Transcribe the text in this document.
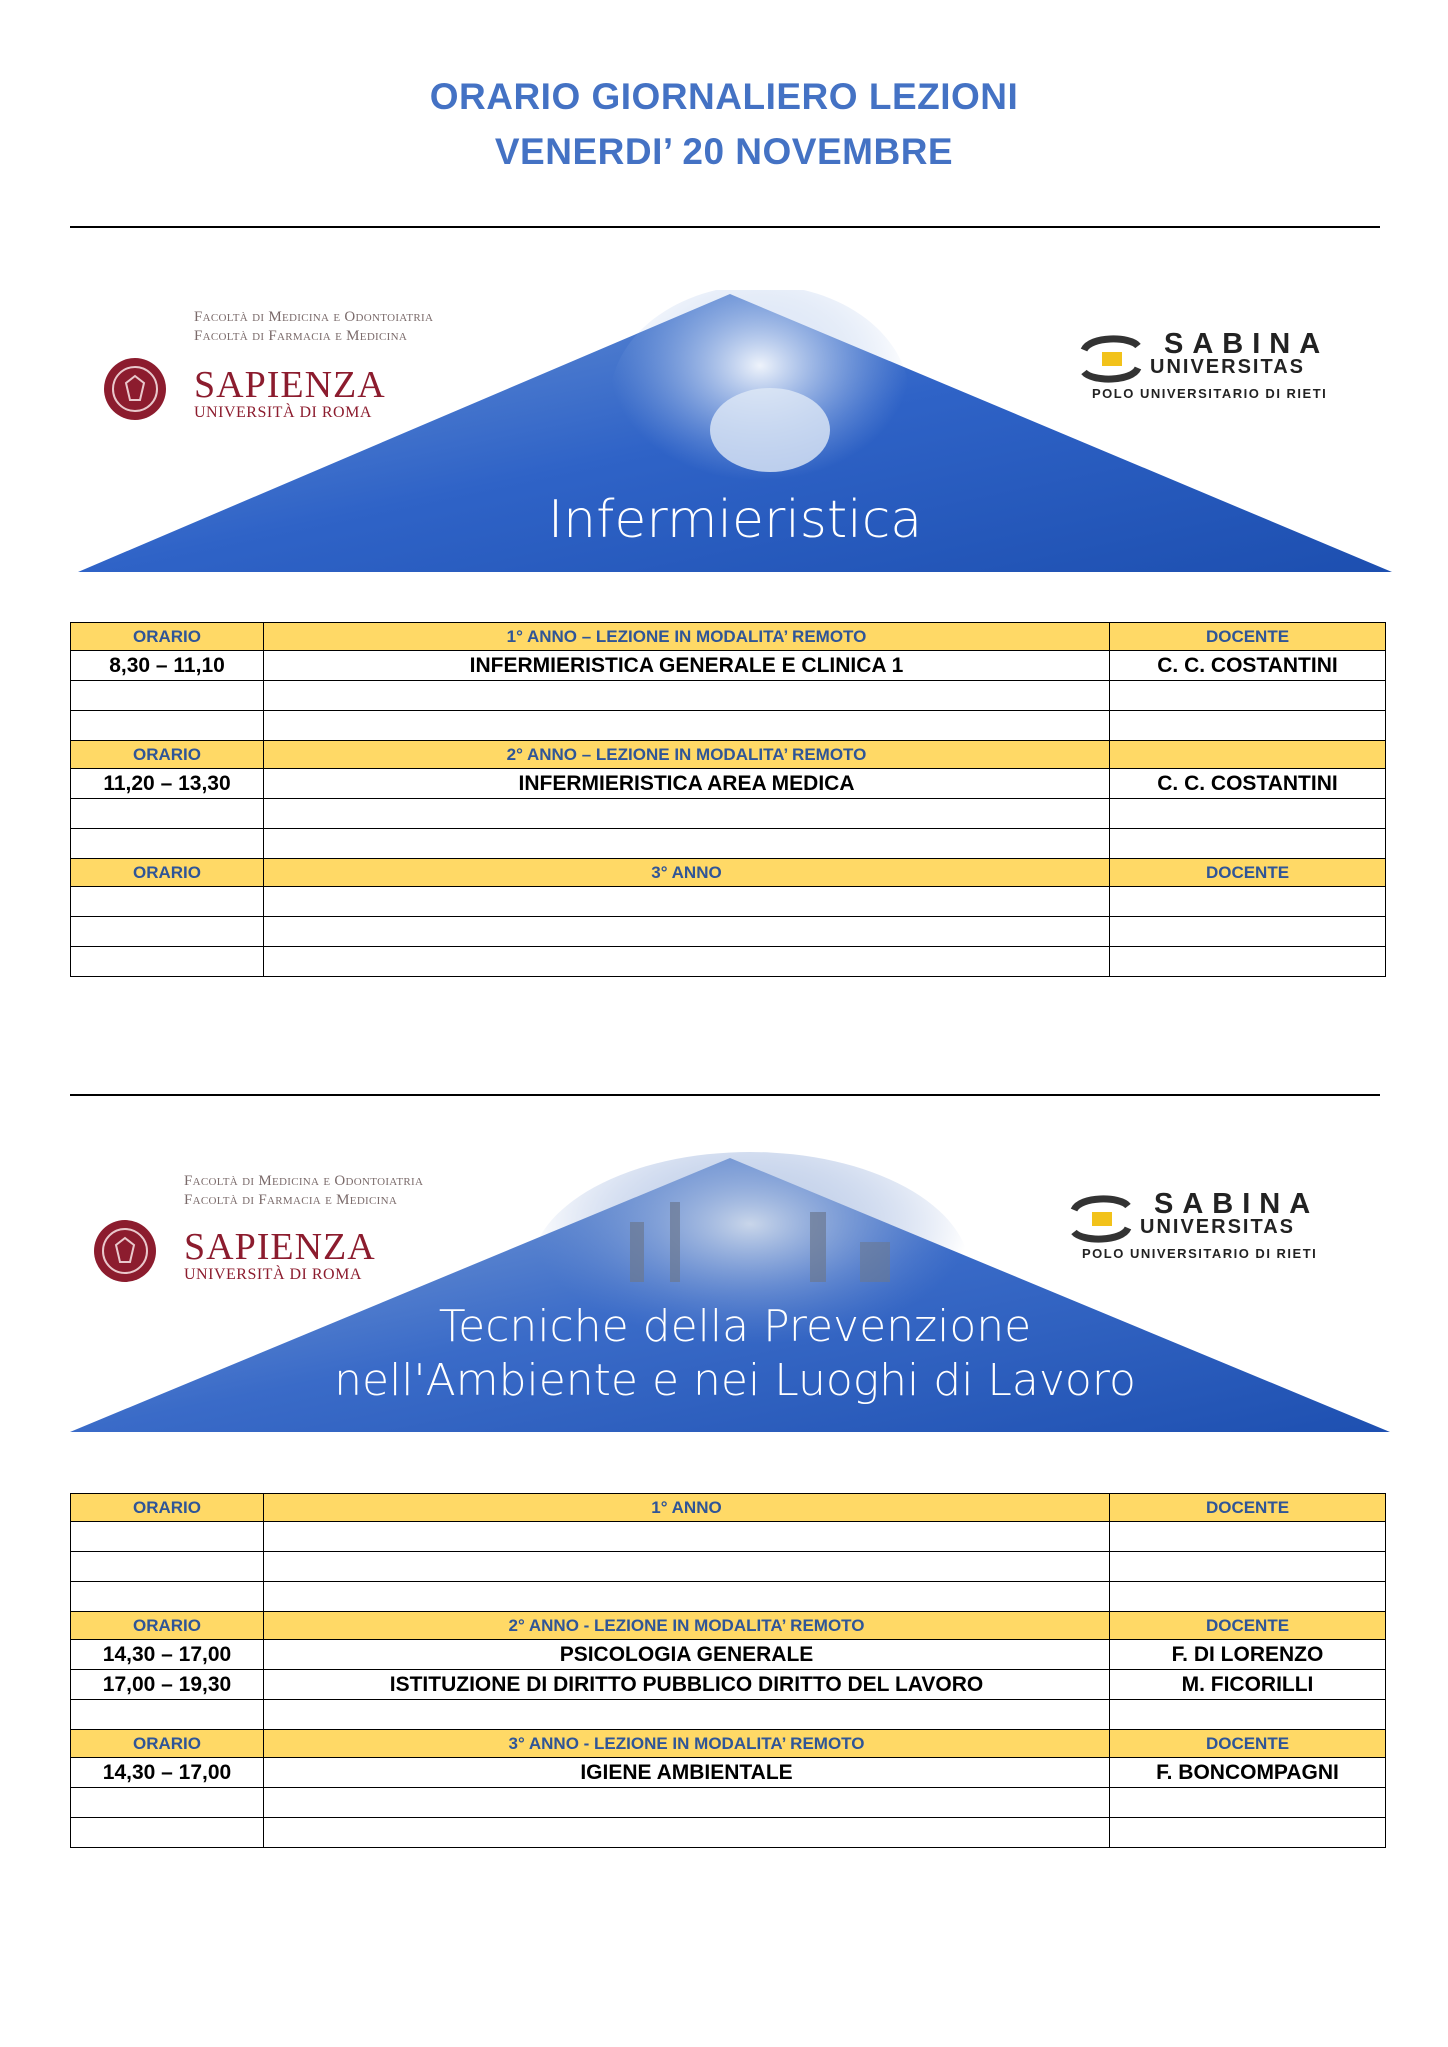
ORARIO GIORNALIERO LEZIONI
VENERDI’ 20 NOVEMBRE
Infermieristica
Facoltà di Medicina e Odontoiatria
Facoltà di Farmacia e Medicina
SAPIENZA
UNIVERSITÀ DI ROMA
SABINA
UNIVERSITAS
POLO UNIVERSITARIO DI RIETI
ORARIO	1° ANNO – LEZIONE IN MODALITA’ REMOTO	DOCENTE
8,30 – 11,10	INFERMIERISTICA GENERALE E CLINICA 1	C. C. COSTANTINI

ORARIO	2° ANNO – LEZIONE IN MODALITA’ REMOTO	
11,20 – 13,30	INFERMIERISTICA AREA MEDICA	C. C. COSTANTINI

ORARIO	3° ANNO	DOCENTE

Tecniche della Prevenzione
nell'Ambiente e nei Luoghi di Lavoro
Facoltà di Medicina e Odontoiatria
Facoltà di Farmacia e Medicina
SAPIENZA
UNIVERSITÀ DI ROMA
SABINA
UNIVERSITAS
POLO UNIVERSITARIO DI RIETI
ORARIO	1° ANNO	DOCENTE

ORARIO	2° ANNO - LEZIONE IN MODALITA’ REMOTO	DOCENTE
14,30 – 17,00	PSICOLOGIA GENERALE	F. DI LORENZO
17,00 – 19,30	ISTITUZIONE DI DIRITTO PUBBLICO DIRITTO DEL LAVORO	M. FICORILLI

ORARIO	3° ANNO - LEZIONE IN MODALITA’ REMOTO	DOCENTE
14,30 – 17,00	IGIENE AMBIENTALE	F. BONCOMPAGNI
